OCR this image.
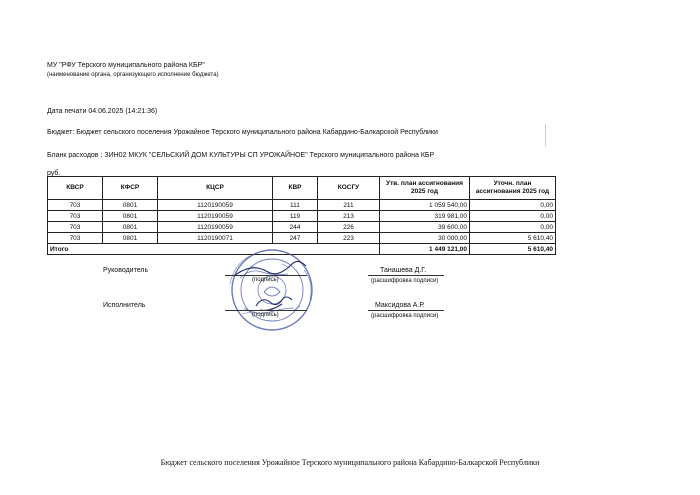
МУ "РФУ Терского муниципального района КБР"
(наименование органа, организующего исполнение бюджета)
Дата печати 04.06.2025 (14:21:36)
Бюджет: Бюджет сельского поселения Урожайное Терского муниципального района Кабардино-Балкарской Республики
Бланк расходов : ЗИН02 МКУК "СЕЛЬСКИЙ ДОМ КУЛЬТУРЫ СП УРОЖАЙНОЕ" Терского муниципального района КБР
руб.
КВСР	КФСР	КЦСР	КВР	КОСГУ	Утв. план ассигнования 2025 год	Уточн. план ассигнования 2025 год
703	0801	1120190059	111	211	1 059 540,00	0,00
703	0801	1120190059	119	213	319 981,00	0,00
703	0801	1120190059	244	226	39 600,00	0,00
703	0801	1120190071	247	223	30 000,00	5 610,40
Итого					1 449 121,00	5 610,40
Руководитель
(подпись)
Танашева Д.Г.
(расшифровка подписи)
Исполнитель
(подпись)
Максидова А.Р.
(расшифровка подписи)
Бюджет сельского поселения Урожайное Терского муниципального района Кабардино-Балкарской Республики
